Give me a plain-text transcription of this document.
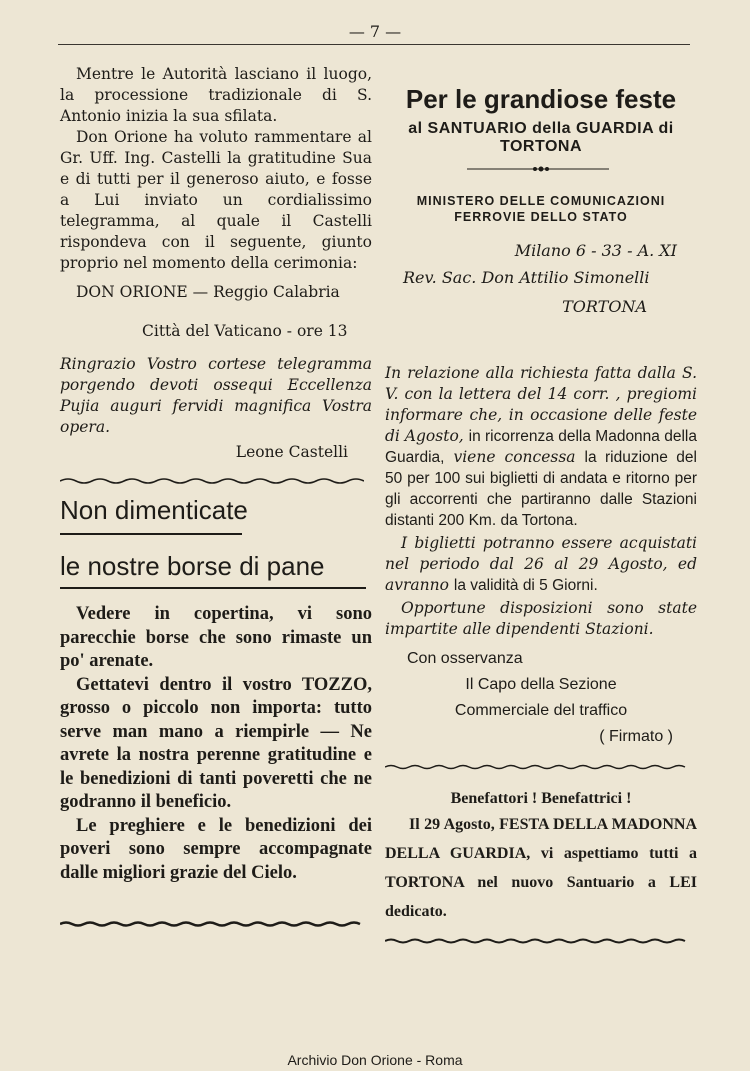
— 7 —

Mentre le Autorità lasciano il luogo, la processione tradizionale di S. Antonio inizia la sua sfilata.

Don Orione ha voluto rammentare al Gr. Uff. Ing. Castelli la gratitudine Sua e di tutti per il generoso aiuto, e fosse a Lui inviato un cordialissimo telegramma, al quale il Castelli rispondeva con il seguente, giunto proprio nel momento della cerimonia:

DON ORIONE — Reggio Calabria

Città del Vaticano - ore 13

Ringrazio Vostro cortese telegramma porgendo devoti ossequi Eccellenza Pujia auguri fervidi magnifica Vostra opera.

Leone Castelli

Non dimenticate

le nostre borse di pane

Vedere in copertina, vi sono parecchie borse che sono rimaste un po' arenate.

Gettatevi dentro il vostro TOZZO, grosso o piccolo non importa: tutto serve man mano a riempirle — Ne avrete la nostra perenne gratitudine e le benedizioni di tanti poveretti che ne godranno il beneficio.

Le preghiere e le benedizioni dei poveri sono sempre accompagnate dalle migliori grazie del Cielo.

Per le grandiose feste

al SANTUARIO della GUARDIA di TORTONA

MINISTERO DELLE COMUNICAZIONI

FERROVIE DELLO STATO

Milano 6 - 33 - A. XI

Rev. Sac. Don Attilio Simonelli

TORTONA

In relazione alla richiesta fatta dalla S. V. con la lettera del 14 corr. , pregiomi informare che, in occasione delle feste di Agosto, in ricorrenza della Madonna della Guardia, viene concessa la riduzione del 50 per 100 sui biglietti di andata e ritorno per gli accorrenti che partiranno dalle Stazioni distanti 200 Km. da Tortona.

I biglietti potranno essere acquistati nel periodo dal 26 al 29 Agosto, ed avranno la validità di 5 Giorni.

Opportune disposizioni sono state impartite alle dipendenti Stazioni.

Con osservanza

Il Capo della Sezione

Commerciale del traffico

( Firmato )

Benefattori ! Benefattrici !

Il 29 Agosto, FESTA DELLA MADONNA DELLA GUARDIA, vi aspettiamo tutti a TORTONA nel nuovo Santuario a LEI dedicato.

Archivio Don Orione - Roma
